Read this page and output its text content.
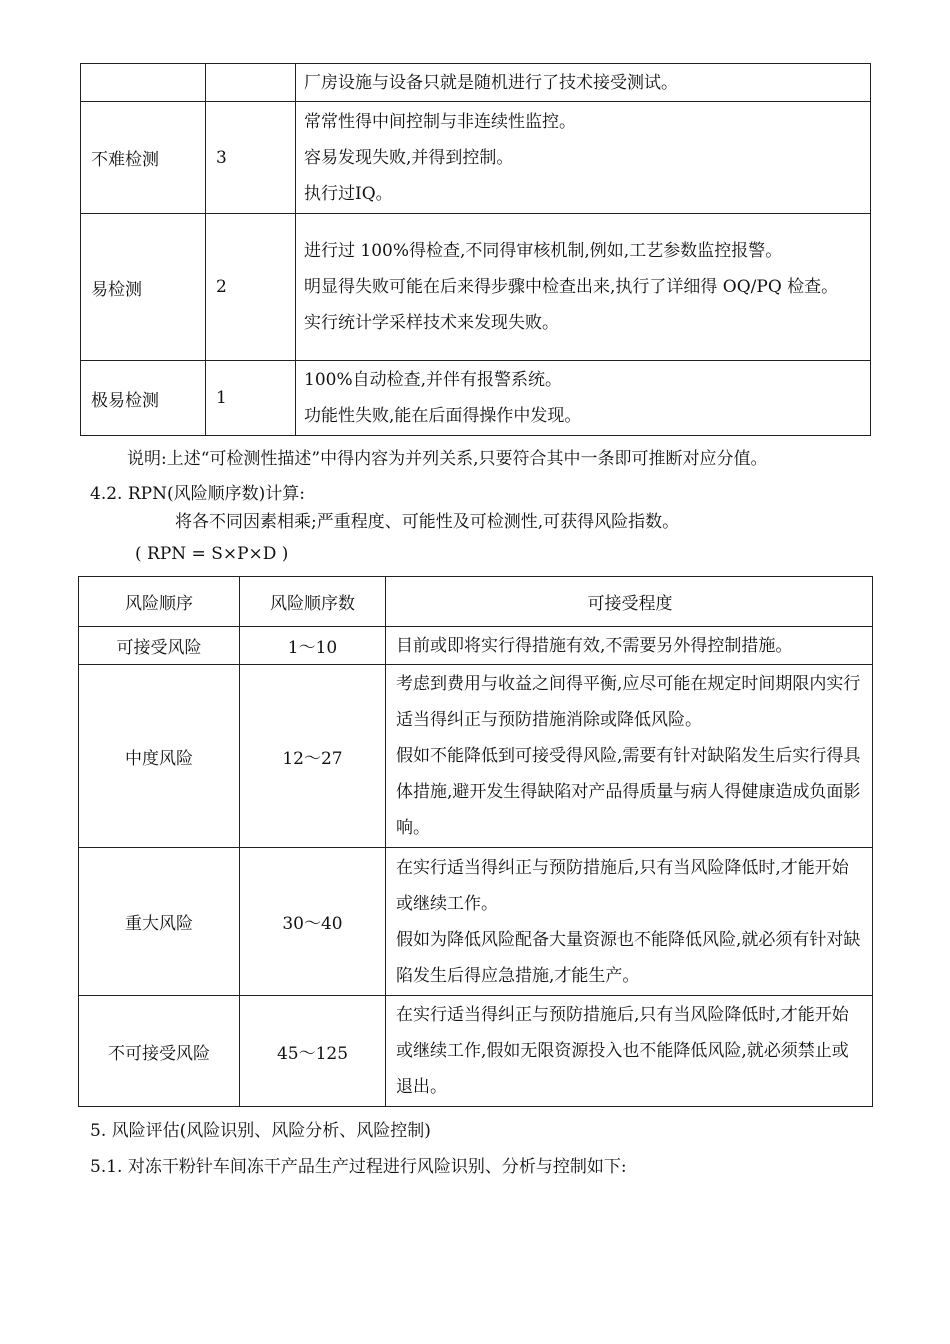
		厂房设施与设备只就是随机进行了技术接受测试。

不难检测	3	常常性得中间控制与非连续性监控。
容易发现失败,并得到控制。
执行过IQ。

易检测	2	进行过 100%得检查,不同得审核机制,例如,工艺参数监控报警。
明显得失败可能在后来得步骤中检查出来,执行了详细得 OQ/PQ 检查。
实行统计学采样技术来发现失败。

极易检测	1	100%自动检查,并伴有报警系统。
功能性失败,能在后面得操作中发现。
说明:上述“可检测性描述”中得内容为并列关系,只要符合其中一条即可推断对应分值。
4.2. RPN(风险顺序数)计算:
将各不同因素相乘;严重程度、可能性及可检测性,可获得风险指数。
( RPN = S×P×D )
风险顺序	风险顺序数	可接受程度
可接受风险	1～10	目前或即将实行得措施有效,不需要另外得控制措施。

中度风险	12～27	考虑到费用与收益之间得平衡,应尽可能在规定时间期限内实行适当得纠正与预防措施消除或降低风险。
假如不能降低到可接受得风险,需要有针对缺陷发生后实行得具体措施,避开发生得缺陷对产品得质量与病人得健康造成负面影响。

重大风险	30～40	在实行适当得纠正与预防措施后,只有当风险降低时,才能开始或继续工作。
假如为降低风险配备大量资源也不能降低风险,就必须有针对缺陷发生后得应急措施,才能生产。

不可接受风险	45～125	在实行适当得纠正与预防措施后,只有当风险降低时,才能开始或继续工作,假如无限资源投入也不能降低风险,就必须禁止或退出。
5. 风险评估(风险识别、风险分析、风险控制)
5.1. 对冻干粉针车间冻干产品生产过程进行风险识别、分析与控制如下:
